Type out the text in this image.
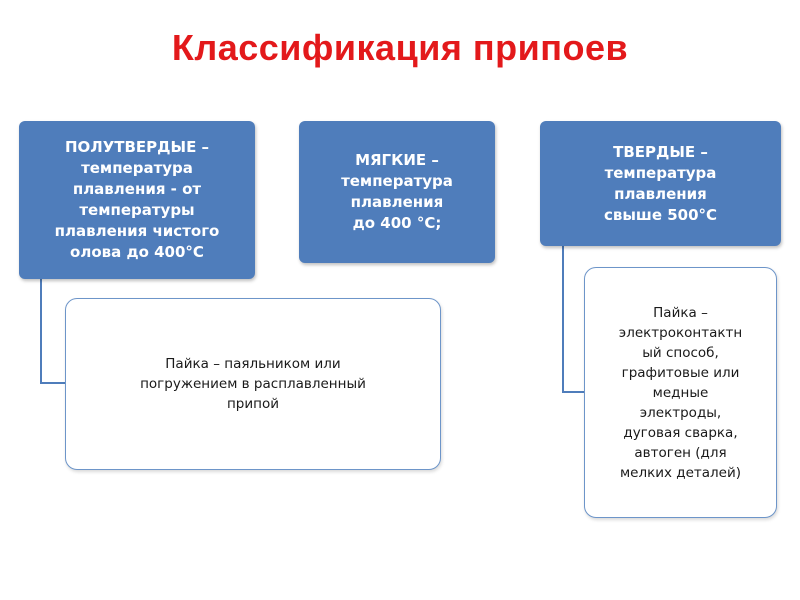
Классификация припоев
ПОЛУТВЕРДЫЕ –
температура
плавления - от
температуры
плавления чистого
олова до 400°С
МЯГКИЕ –
температура
плавления
до 400 °С;
ТВЕРДЫЕ –
температура
плавления
свыше 500°С
Пайка – паяльником или
погружением в расплавленный
припой
Пайка –
электроконтактн
ый способ,
графитовые или
медные
электроды,
дуговая сварка,
автоген (для
мелких деталей)
